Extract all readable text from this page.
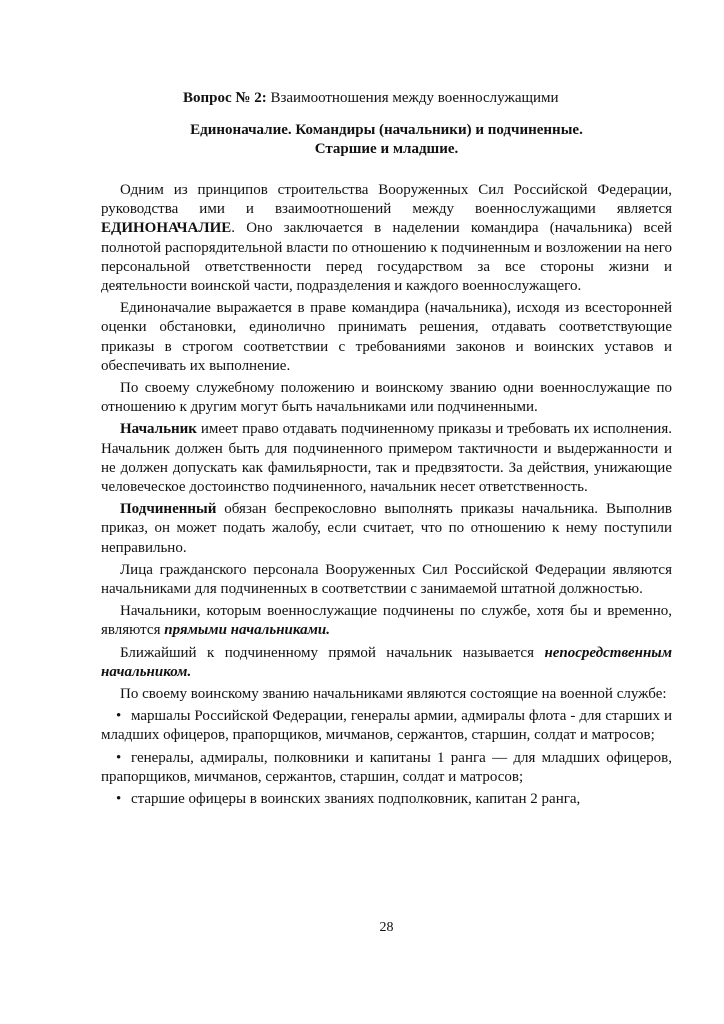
Вопрос № 2: Взаимоотношения между военнослужащими
Единоначалие. Командиры (начальники) и подчиненные.
Старшие и младшие.

Одним из принципов строительства Вооруженных Сил Российской Федерации, руководства ими и взаимоотношений между военнослужащими является ЕДИНОНАЧАЛИЕ. Оно заключается в наделении командира (начальника) всей полнотой распорядительной власти по отношению к подчиненным и возложении на него персональной ответственности перед государством за все стороны жизни и деятельности воинской части, подразделения и каждого военнослужащего.

Единоначалие выражается в праве командира (начальника), исходя из всесторонней оценки обстановки, единолично принимать решения, отдавать соответствующие приказы в строгом соответствии с требованиями законов и воинских уставов и обеспечивать их выполнение.

По своему служебному положению и воинскому званию одни военнослужащие по отношению к другим могут быть начальниками или подчиненными.

Начальник имеет право отдавать подчиненному приказы и требовать их исполнения. Начальник должен быть для подчиненного примером тактичности и выдержанности и не должен допускать как фамильярности, так и предвзятости. За действия, унижающие человеческое достоинство подчиненного, начальник несет ответственность.

Подчиненный обязан беспрекословно выполнять приказы начальника. Выполнив приказ, он может подать жалобу, если считает, что по отношению к нему поступили неправильно.

Лица гражданского персонала Вооруженных Сил Российской Федерации являются начальниками для подчиненных в соответствии с занимаемой штатной должностью.

Начальники, которым военнослужащие подчинены по службе, хотя бы и временно, являются прямыми начальниками.

Ближайший к подчиненному прямой начальник называется непосредственным начальником.

По своему воинскому званию начальниками являются состоящие на военной службе:

• маршалы Российской Федерации, генералы армии, адмиралы флота - для старших и младших офицеров, прапорщиков, мичманов, сержантов, старшин, солдат и матросов;

• генералы, адмиралы, полковники и капитаны 1 ранга — для младших офицеров, прапорщиков, мичманов, сержантов, старшин, солдат и матросов;

• старшие офицеры в воинских званиях подполковник, капитан 2 ранга,

28
